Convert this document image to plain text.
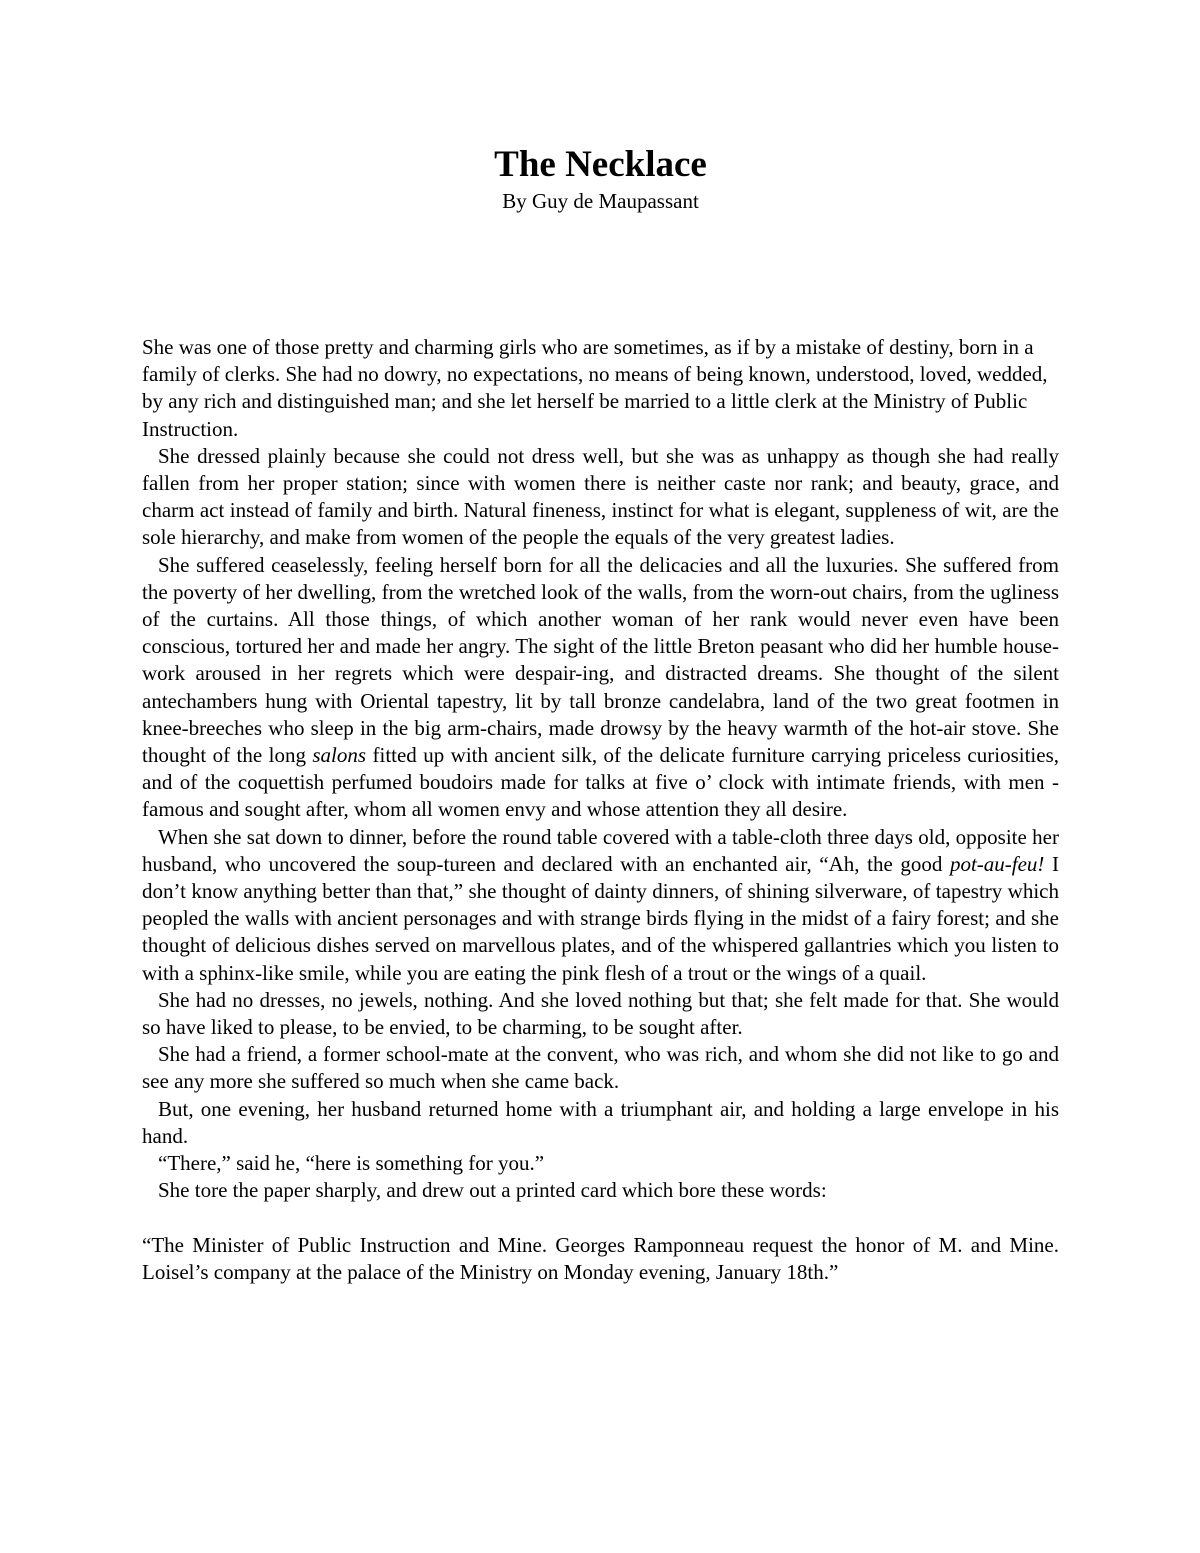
The Necklace

By Guy de Maupassant

She was one of those pretty and charming girls who are sometimes, as if by a mistake of destiny, born in a family of clerks. She had no dowry, no expectations, no means of being known, understood, loved, wedded, by any rich and distinguished man; and she let herself be married to a little clerk at the Ministry of Public Instruction.

She dressed plainly because she could not dress well, but she was as unhappy as though she had really fallen from her proper station; since with women there is neither caste nor rank; and beauty, grace, and charm act instead of family and birth. Natural fineness, instinct for what is elegant, suppleness of wit, are the sole hierarchy, and make from women of the people the equals of the very greatest ladies.

She suffered ceaselessly, feeling herself born for all the delicacies and all the luxuries. She suffered from the poverty of her dwelling, from the wretched look of the walls, from the worn-out chairs, from the ugliness of the curtains. All those things, of which another woman of her rank would never even have been conscious, tortured her and made her angry. The sight of the little Breton peasant who did her humble house-work aroused in her regrets which were despair-ing, and distracted dreams. She thought of the silent antechambers hung with Oriental tapestry, lit by tall bronze candelabra, land of the two great footmen in knee-breeches who sleep in the big arm-chairs, made drowsy by the heavy warmth of the hot-air stove. She thought of the long salons fitted up with ancient silk, of the delicate furniture carrying priceless curiosities, and of the coquettish perfumed boudoirs made for talks at five o’ clock with intimate friends, with men - famous and sought after, whom all women envy and whose attention they all desire.

When she sat down to dinner, before the round table covered with a table-cloth three days old, opposite her husband, who uncovered the soup-tureen and declared with an enchanted air, “Ah, the good pot-au-feu! I don’t know anything better than that,” she thought of dainty dinners, of shining silverware, of tapestry which peopled the walls with ancient personages and with strange birds flying in the midst of a fairy forest; and she thought of delicious dishes served on marvellous plates, and of the whispered gallantries which you listen to with a sphinx-like smile, while you are eating the pink flesh of a trout or the wings of a quail.

She had no dresses, no jewels, nothing. And she loved nothing but that; she felt made for that. She would so have liked to please, to be envied, to be charming, to be sought after.

She had a friend, a former school-mate at the convent, who was rich, and whom she did not like to go and see any more she suffered so much when she came back.

But, one evening, her husband returned home with a triumphant air, and holding a large envelope in his hand.

“There,” said he, “here is something for you.”

She tore the paper sharply, and drew out a printed card which bore these words:

“The Minister of Public Instruction and Mine. Georges Ramponneau request the honor of M. and Mine. Loisel’s company at the palace of the Ministry on Monday evening, January 18th.”
